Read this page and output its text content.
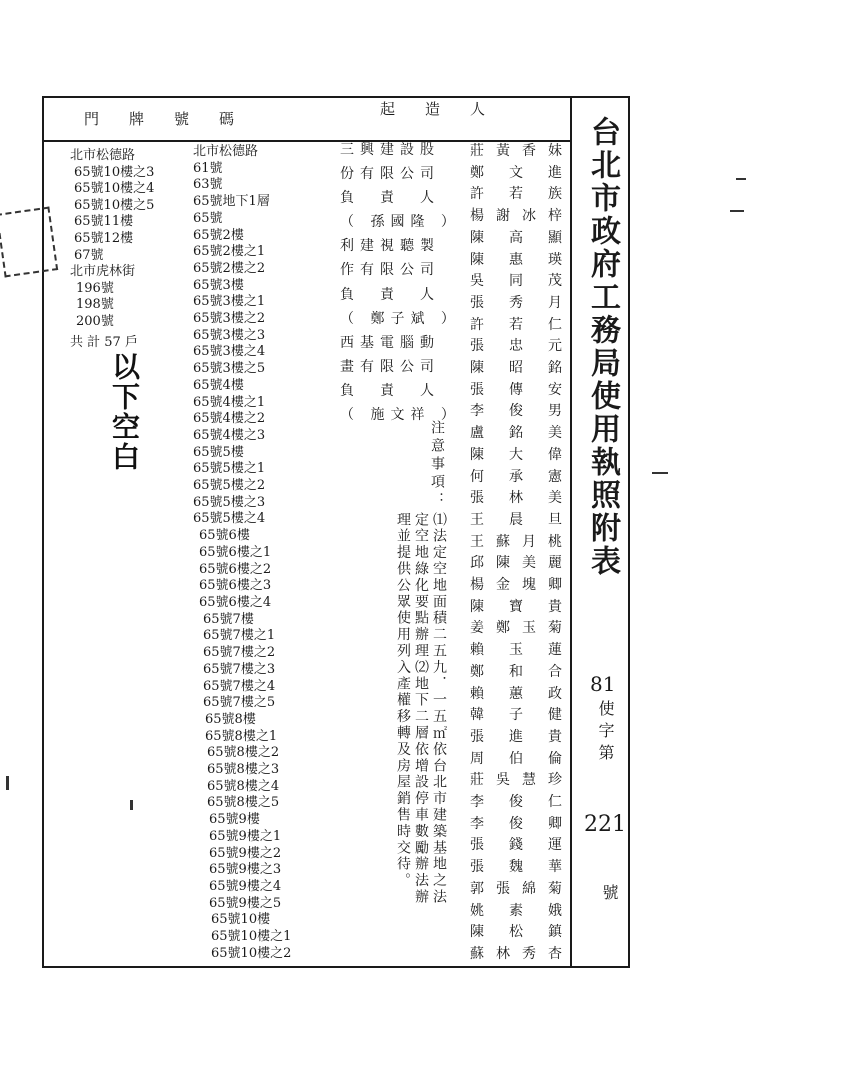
門　　牌　　號　　碼
起　　造　　人
北市松德路
65號10樓之3
65號10樓之4
65號10樓之5
65號11樓
65號12樓
67號
北市虎林街
196號
198號
200號
共 計 57 戶
以下空白
北市松德路
61號
63號
65號地下1層
65號
65號2樓
65號2樓之1
65號2樓之2
65號3樓
65號3樓之1
65號3樓之2
65號3樓之3
65號3樓之4
65號3樓之5
65號4樓
65號4樓之1
65號4樓之2
65號4樓之3
65號5樓
65號5樓之1
65號5樓之2
65號5樓之3
65號5樓之4
65號6樓
65號6樓之1
65號6樓之2
65號6樓之3
65號6樓之4
65號7樓
65號7樓之1
65號7樓之2
65號7樓之3
65號7樓之4
65號7樓之5
65號8樓
65號8樓之1
65號8樓之2
65號8樓之3
65號8樓之4
65號8樓之5
65號9樓
65號9樓之1
65號9樓之2
65號9樓之3
65號9樓之4
65號9樓之5
65號10樓
65號10樓之1
65號10樓之2
三興建設股
份有限公司
負　責　人
（ 孫國隆 ）
利建視聽製
作有限公司
負　責　人
（ 鄭子斌 ）
西基電腦動
畫有限公司
負　責　人
（ 施文祥 ）
注意事項：
⑴法定空地面積二五九．一五㎡依台北市建築基地之法
定空地綠化要點辦理⑵地下二層依增設停車數勵辦法辦
理並提供公眾使用列入產權移轉及房屋銷售時交待。
莊 黃 香 妹
鄭 文 進
許 若 族
楊 謝 冰 梓
陳 高 顯
陳 惠 瑛
吳 同 茂
張 秀 月
許 若 仁
張 忠 元
陳 昭 銘
張 傳 安
李 俊 男
盧 銘 美
陳 大 偉
何 承 憲
張 林 美
王 晨 旦
王 蘇 月 桃
邱 陳 美 麗
楊 金 塊 卿
陳 寶 貴
姜 鄭 玉 菊
賴 玉 蓮
鄭 和 合
賴 蕙 政
韓 子 健
張 進 貴
周 伯 倫
莊 吳 慧 珍
李 俊 仁
李 俊 卿
張 錢 運
張 魏 華
郭 張 綿 菊
姚 素 娥
陳 松 鎮
蘇 林 秀 杏
台北市政府工務局使用執照附表
81
使字第
221
號
